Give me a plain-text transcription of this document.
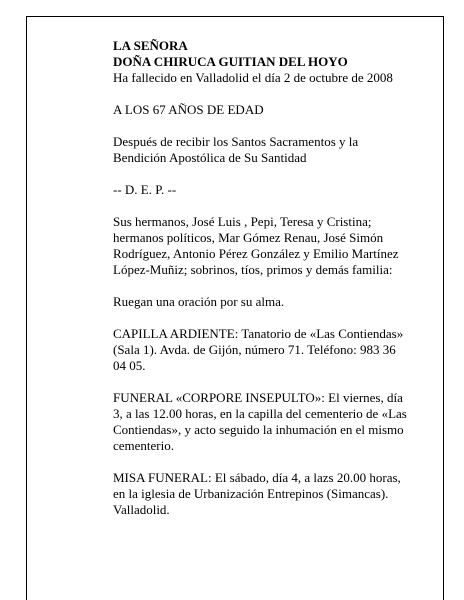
LA SEÑORA
DOÑA CHIRUCA GUITIAN DEL HOYO
Ha fallecido en Valladolid el día 2 de octubre de 2008
A LOS 67 AÑOS DE EDAD
Después de recibir los Santos Sacramentos y la
Bendición Apostólica de Su Santidad
-- D. E. P. --
Sus hermanos, José Luis , Pepi, Teresa y Cristina;
hermanos políticos, Mar Gómez Renau, José Simón
Rodríguez, Antonio Pérez González y Emilio Martínez
López-Muñiz; sobrinos, tíos, primos y demás familia:
Ruegan una oración por su alma.
CAPILLA ARDIENTE: Tanatorio de «Las Contiendas»
(Sala 1). Avda. de Gijón, número 71. Teléfono: 983 36
04 05.
FUNERAL «CORPORE INSEPULTO»: El viernes, día
3, a las 12.00 horas, en la capilla del cementerio de «Las
Contiendas», y acto seguido la inhumación en el mismo
cementerio.
MISA FUNERAL: El sábado, día 4, a lazs 20.00 horas,
en la iglesia de Urbanización Entrepinos (Simancas).
Valladolid.
